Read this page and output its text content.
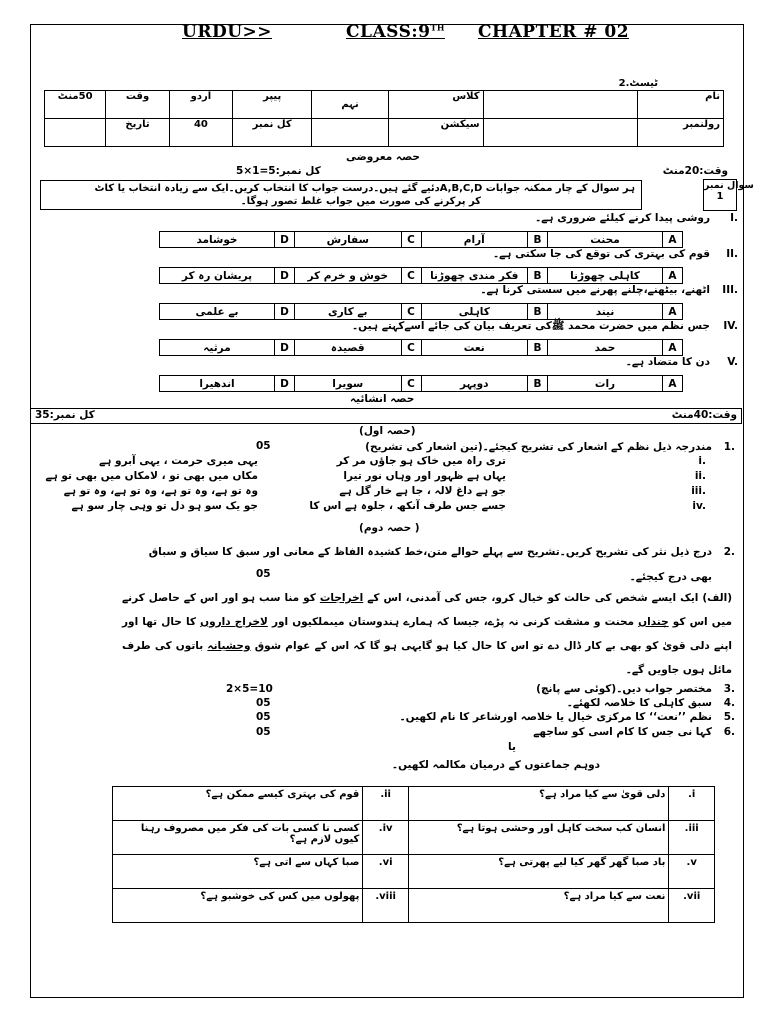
URDU>>	CLASS:9TH CHAPTER # 02
ٹیسٹ.2
نام		کلاس	نہم	پیپر	اردو	وقت	50منٹ
رولنمبر		سیکشن		کل نمبر	40	تاریخ	
حصہ معروضی
وقت:20منٹ
کل نمبر:5=1×5
ہر سوال کے چار ممکنہ جوابات A,B,C,Dدئیے گئے ہیں۔درست جواب کا انتخاب کریں۔ایک سے زیادہ انتخاب یا کاٹ
کر پرکرنے کی صورت میں جواب غلط تصور ہوگا۔
سوال نمبر
1
I.
روشی پیدا کرنے کیلئے ضروری ہے۔
A	محنت	B	آرام	C	سفارش	D	خوشامد
II.
قوم کی بہتری کی توقع کی جا سکتی ہے۔
A	کاہلی چھوڑنا	B	فکر مندی چھوڑنا	C	خوش و خرم کر	D	پریشان رہ کر
III.
اٹھنے، بیٹھنے،چلنے پھرنے میں سستی کرنا ہے۔
A	نیند	B	کاہلی	C	بے کاری	D	بے علمی
IV.
جس نظم میں حضرت محمد ﷺکی تعریف بیان کی جائے اسےکہتے ہیں۔
A	حمد	B	نعت	C	قصیدہ	D	مرثیہ
V.
دن کا متضاد ہے۔
A	رات	B	دوپہر	C	سویرا	D	اندھیرا
حصہ انشائیہ
وقت:40منٹ
کل نمبر:35
(حصہ اول)
1.
مندرجہ ذیل نظم کے اشعار کی تشریح کیجئے۔(تین اشعار کی تشریح)
05
i.
تری راہ میں خاک ہو جاؤں مر کر
یہی میری حرمت ، یہی آبرو ہے
ii.
یہاں ہے ظہور اور وہاں نور تیرا
مکاں میں بھی تو ، لامکاں میں بھی تو ہے
iii.
جو ہے داغ لالہ ، جا ہے خار گل ہے
وہ تو ہے، وہ تو ہے، وہ تو ہے، وہ تو ہے
iv.
جسے جس طرف آنکھ ، جلوہ ہے اس کا
جو یک سو ہو دل تو وہی چار سو ہے
(حصہ دوم )
2.
درج ذیل نثر کی تشریح کریں۔تشریح سے پہلے حوالے متن،خط کشیدہ الفاظ کے معانی اور سبق کا سیاق و سباق
بھی درج کیجئے۔
05
(الف) ایک ایسے شخص کی حالت کو خیال کرو، جس کی آمدنی، اس کے اخراجات کو منا سب ہو اور اس کے حاصل کرنے میں اس کو چنداں محنت و مشقت کرنی نہ پڑے، جیسا کہ ہمارے ہندوستان میںملکیوں اور لاخراج داروں کا حال تھا اور اپنے دلی قویٰ کو بھی بے کار ڈال دے تو اس کا حال کیا ہو گایہی ہو گا کہ اس کے عوام شوق وحشیانہ باتوں کی طرف مائل ہوں جاویں گے۔
3.
مختصر جواب دیں۔(کوئی سے پانچ)
2×5=10
4.
سبق کاہلی کا خلاصہ لکھئے۔
05
5.
نظم ’’نعت‘‘ کا مرکزی خیال یا خلاصہ اورشاعر کا نام لکھیں۔
05
6.
کہا نی جس کا کام اسی کو ساجھے
05
یا
دوہم جماعتوں کے درمیان مکالمہ لکھیں۔
i.	دلی قویٰ سے کیا مراد ہے؟	ii.	قوم کی بہتری کیسے ممکن ہے؟
iii.	انسان کب سخت کاہل اور وحشی ہوتا ہے؟	iv.	کسی نا کسی بات کی فکر میں مصروف رہنا کیوں لازم ہے؟
v.	باد صبا گھر گھر کیا لیے پھرتی ہے؟	vi.	صبا کہاں سے اتی ہے؟
vii.	نعت سے کیا مراد ہے؟	viii.	پھولوں میں کس کی خوشبو ہے؟
